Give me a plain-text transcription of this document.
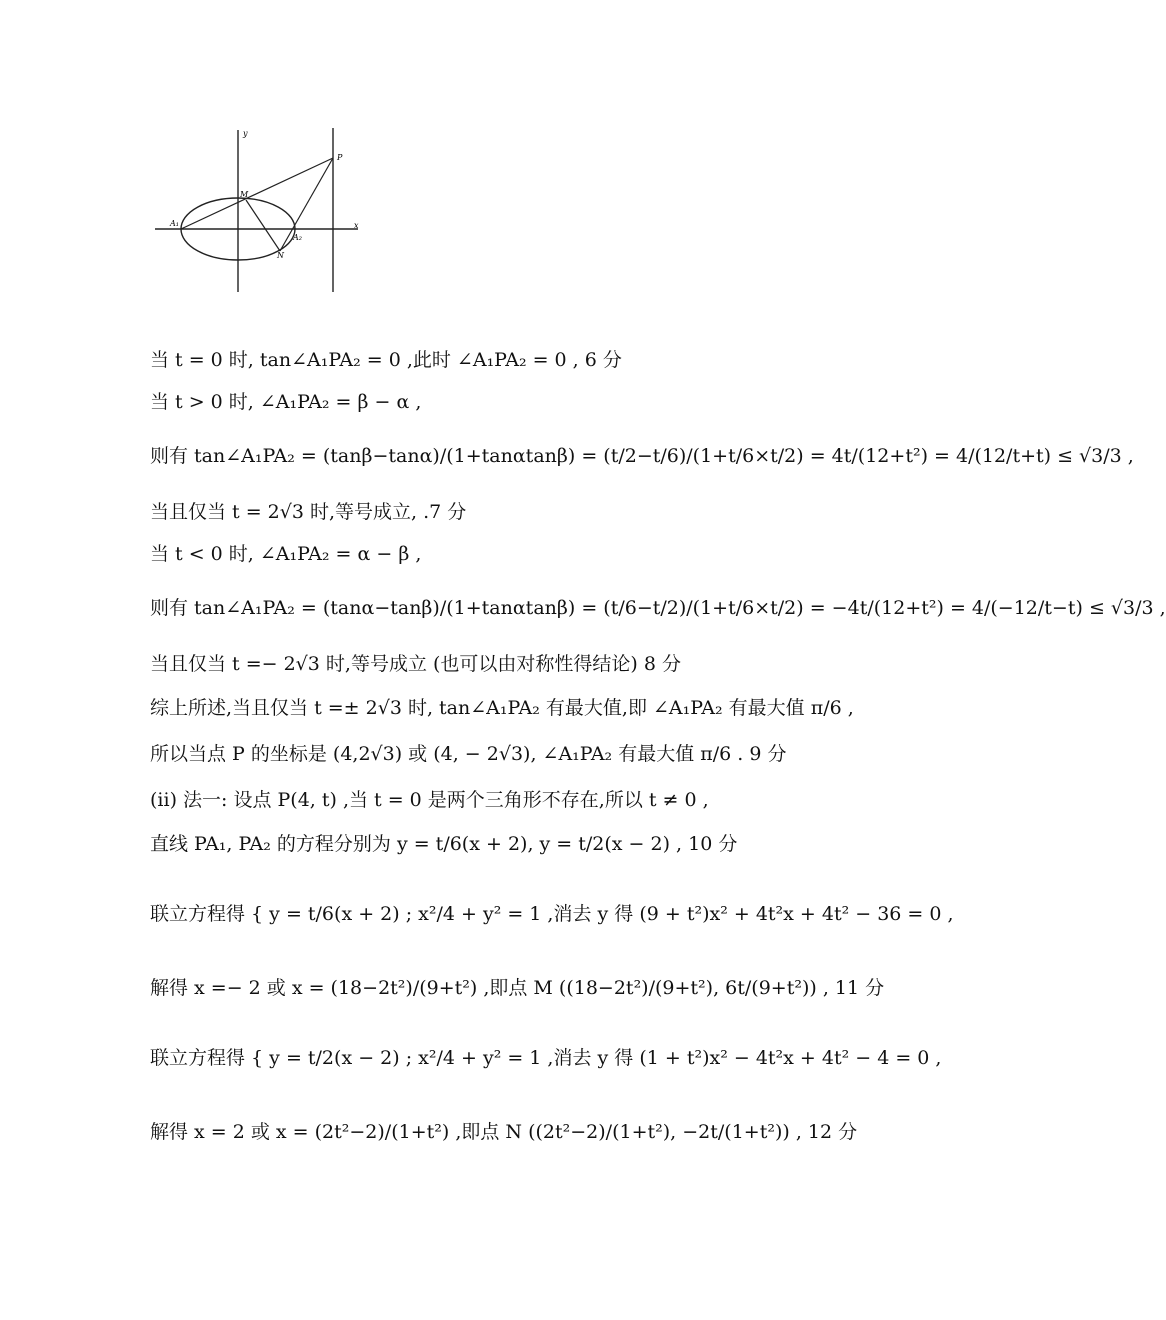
y
x
P
M
A₁
A₂
N
当 t = 0 时, tan∠A₁PA₂ = 0 ,此时 ∠A₁PA₂ = 0 , 6 分
当 t > 0 时, ∠A₁PA₂ = β − α ,
则有 tan∠A₁PA₂ = (tanβ−tanα)/(1+tanαtanβ) = (t/2−t/6)/(1+t/6×t/2) = 4t/(12+t²) = 4/(12/t+t) ≤ √3/3 ,
当且仅当 t = 2√3 时,等号成立, .7 分
当 t < 0 时, ∠A₁PA₂ = α − β ,
则有 tan∠A₁PA₂ = (tanα−tanβ)/(1+tanαtanβ) = (t/6−t/2)/(1+t/6×t/2) = −4t/(12+t²) = 4/(−12/t−t) ≤ √3/3 ,
当且仅当 t =− 2√3 时,等号成立 (也可以由对称性得结论) 8 分
综上所述,当且仅当 t =± 2√3 时, tan∠A₁PA₂ 有最大值,即 ∠A₁PA₂ 有最大值 π/6 ,
所以当点 P 的坐标是 (4,2√3) 或 (4, − 2√3), ∠A₁PA₂ 有最大值 π/6 . 9 分
(ii) 法一: 设点 P(4, t) ,当 t = 0 是两个三角形不存在,所以 t ≠ 0 ,
直线 PA₁, PA₂ 的方程分别为 y = t/6(x + 2), y = t/2(x − 2) , 10 分
联立方程得 { y = t/6(x + 2) ; x²/4 + y² = 1 ,消去 y 得 (9 + t²)x² + 4t²x + 4t² − 36 = 0 ,
解得 x =− 2 或 x = (18−2t²)/(9+t²) ,即点 M ((18−2t²)/(9+t²), 6t/(9+t²)) , 11 分
联立方程得 { y = t/2(x − 2) ; x²/4 + y² = 1 ,消去 y 得 (1 + t²)x² − 4t²x + 4t² − 4 = 0 ,
解得 x = 2 或 x = (2t²−2)/(1+t²) ,即点 N ((2t²−2)/(1+t²), −2t/(1+t²)) , 12 分
